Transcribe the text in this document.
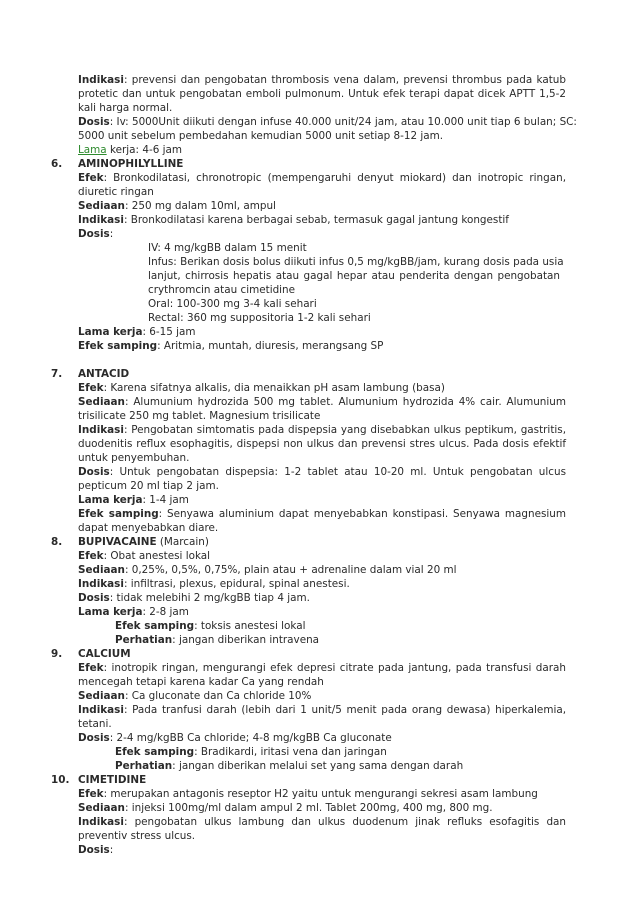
Indikasi: prevensi dan pengobatan thrombosis vena dalam, prevensi thrombus pada katub
protetic dan untuk pengobatan emboli pulmonum. Untuk efek terapi dapat dicek APTT 1,5-2
kali harga normal.
Dosis: Iv: 5000Unit diikuti dengan infuse 40.000 unit/24 jam, atau 10.000 unit tiap 6 bulan; SC:
5000 unit sebelum pembedahan kemudian 5000 unit setiap 8-12 jam.
Lama kerja: 4-6 jam
6. AMINOPHILYLLINE
Efek: Bronkodilatasi, chronotropic (mempengaruhi denyut miokard) dan inotropic ringan,
diuretic ringan
Sediaan: 250 mg dalam 10ml, ampul
Indikasi: Bronkodilatasi karena berbagai sebab, termasuk gagal jantung kongestif
Dosis:
IV: 4 mg/kgBB dalam 15 menit
Infus: Berikan dosis bolus diikuti infus 0,5 mg/kgBB/jam, kurang dosis pada usia
lanjut, chirrosis hepatis atau gagal hepar atau penderita dengan pengobatan
crythromcin atau cimetidine
Oral: 100-300 mg 3-4 kali sehari
Rectal: 360 mg suppositoria 1-2 kali sehari
Lama kerja: 6-15 jam
Efek samping: Aritmia, muntah, diuresis, merangsang SP
7. ANTACID
Efek: Karena sifatnya alkalis, dia menaikkan pH asam lambung (basa)
Sediaan: Alumunium hydrozida 500 mg tablet. Alumunium hydrozida 4% cair. Alumunium
trisilicate 250 mg tablet. Magnesium trisilicate
Indikasi: Pengobatan simtomatis pada dispepsia yang disebabkan ulkus peptikum, gastritis,
duodenitis reflux esophagitis, dispepsi non ulkus dan prevensi stres ulcus. Pada dosis efektif
untuk penyembuhan.
Dosis: Untuk pengobatan dispepsia: 1-2 tablet atau 10-20 ml. Untuk pengobatan ulcus
pepticum 20 ml tiap 2 jam.
Lama kerja: 1-4 jam
Efek samping: Senyawa aluminium dapat menyebabkan konstipasi. Senyawa magnesium
dapat menyebabkan diare.
8. BUPIVACAINE (Marcain)
Efek: Obat anestesi lokal
Sediaan: 0,25%, 0,5%, 0,75%, plain atau + adrenaline dalam vial 20 ml
Indikasi: infiltrasi, plexus, epidural, spinal anestesi.
Dosis: tidak melebihi 2 mg/kgBB tiap 4 jam.
Lama kerja: 2-8 jam
Efek samping: toksis anestesi lokal
Perhatian: jangan diberikan intravena
9. CALCIUM
Efek: inotropik ringan, mengurangi efek depresi citrate pada jantung, pada transfusi darah
mencegah tetapi karena kadar Ca yang rendah
Sediaan: Ca gluconate dan Ca chloride 10%
Indikasi: Pada tranfusi darah (lebih dari 1 unit/5 menit pada orang dewasa) hiperkalemia,
tetani.
Dosis: 2-4 mg/kgBB Ca chloride; 4-8 mg/kgBB Ca gluconate
Efek samping: Bradikardi, iritasi vena dan jaringan
Perhatian: jangan diberikan melalui set yang sama dengan darah
10. CIMETIDINE
Efek: merupakan antagonis reseptor H2 yaitu untuk mengurangi sekresi asam lambung
Sediaan: injeksi 100mg/ml dalam ampul 2 ml. Tablet 200mg, 400 mg, 800 mg.
Indikasi: pengobatan ulkus lambung dan ulkus duodenum jinak refluks esofagitis dan
preventiv stress ulcus.
Dosis:
